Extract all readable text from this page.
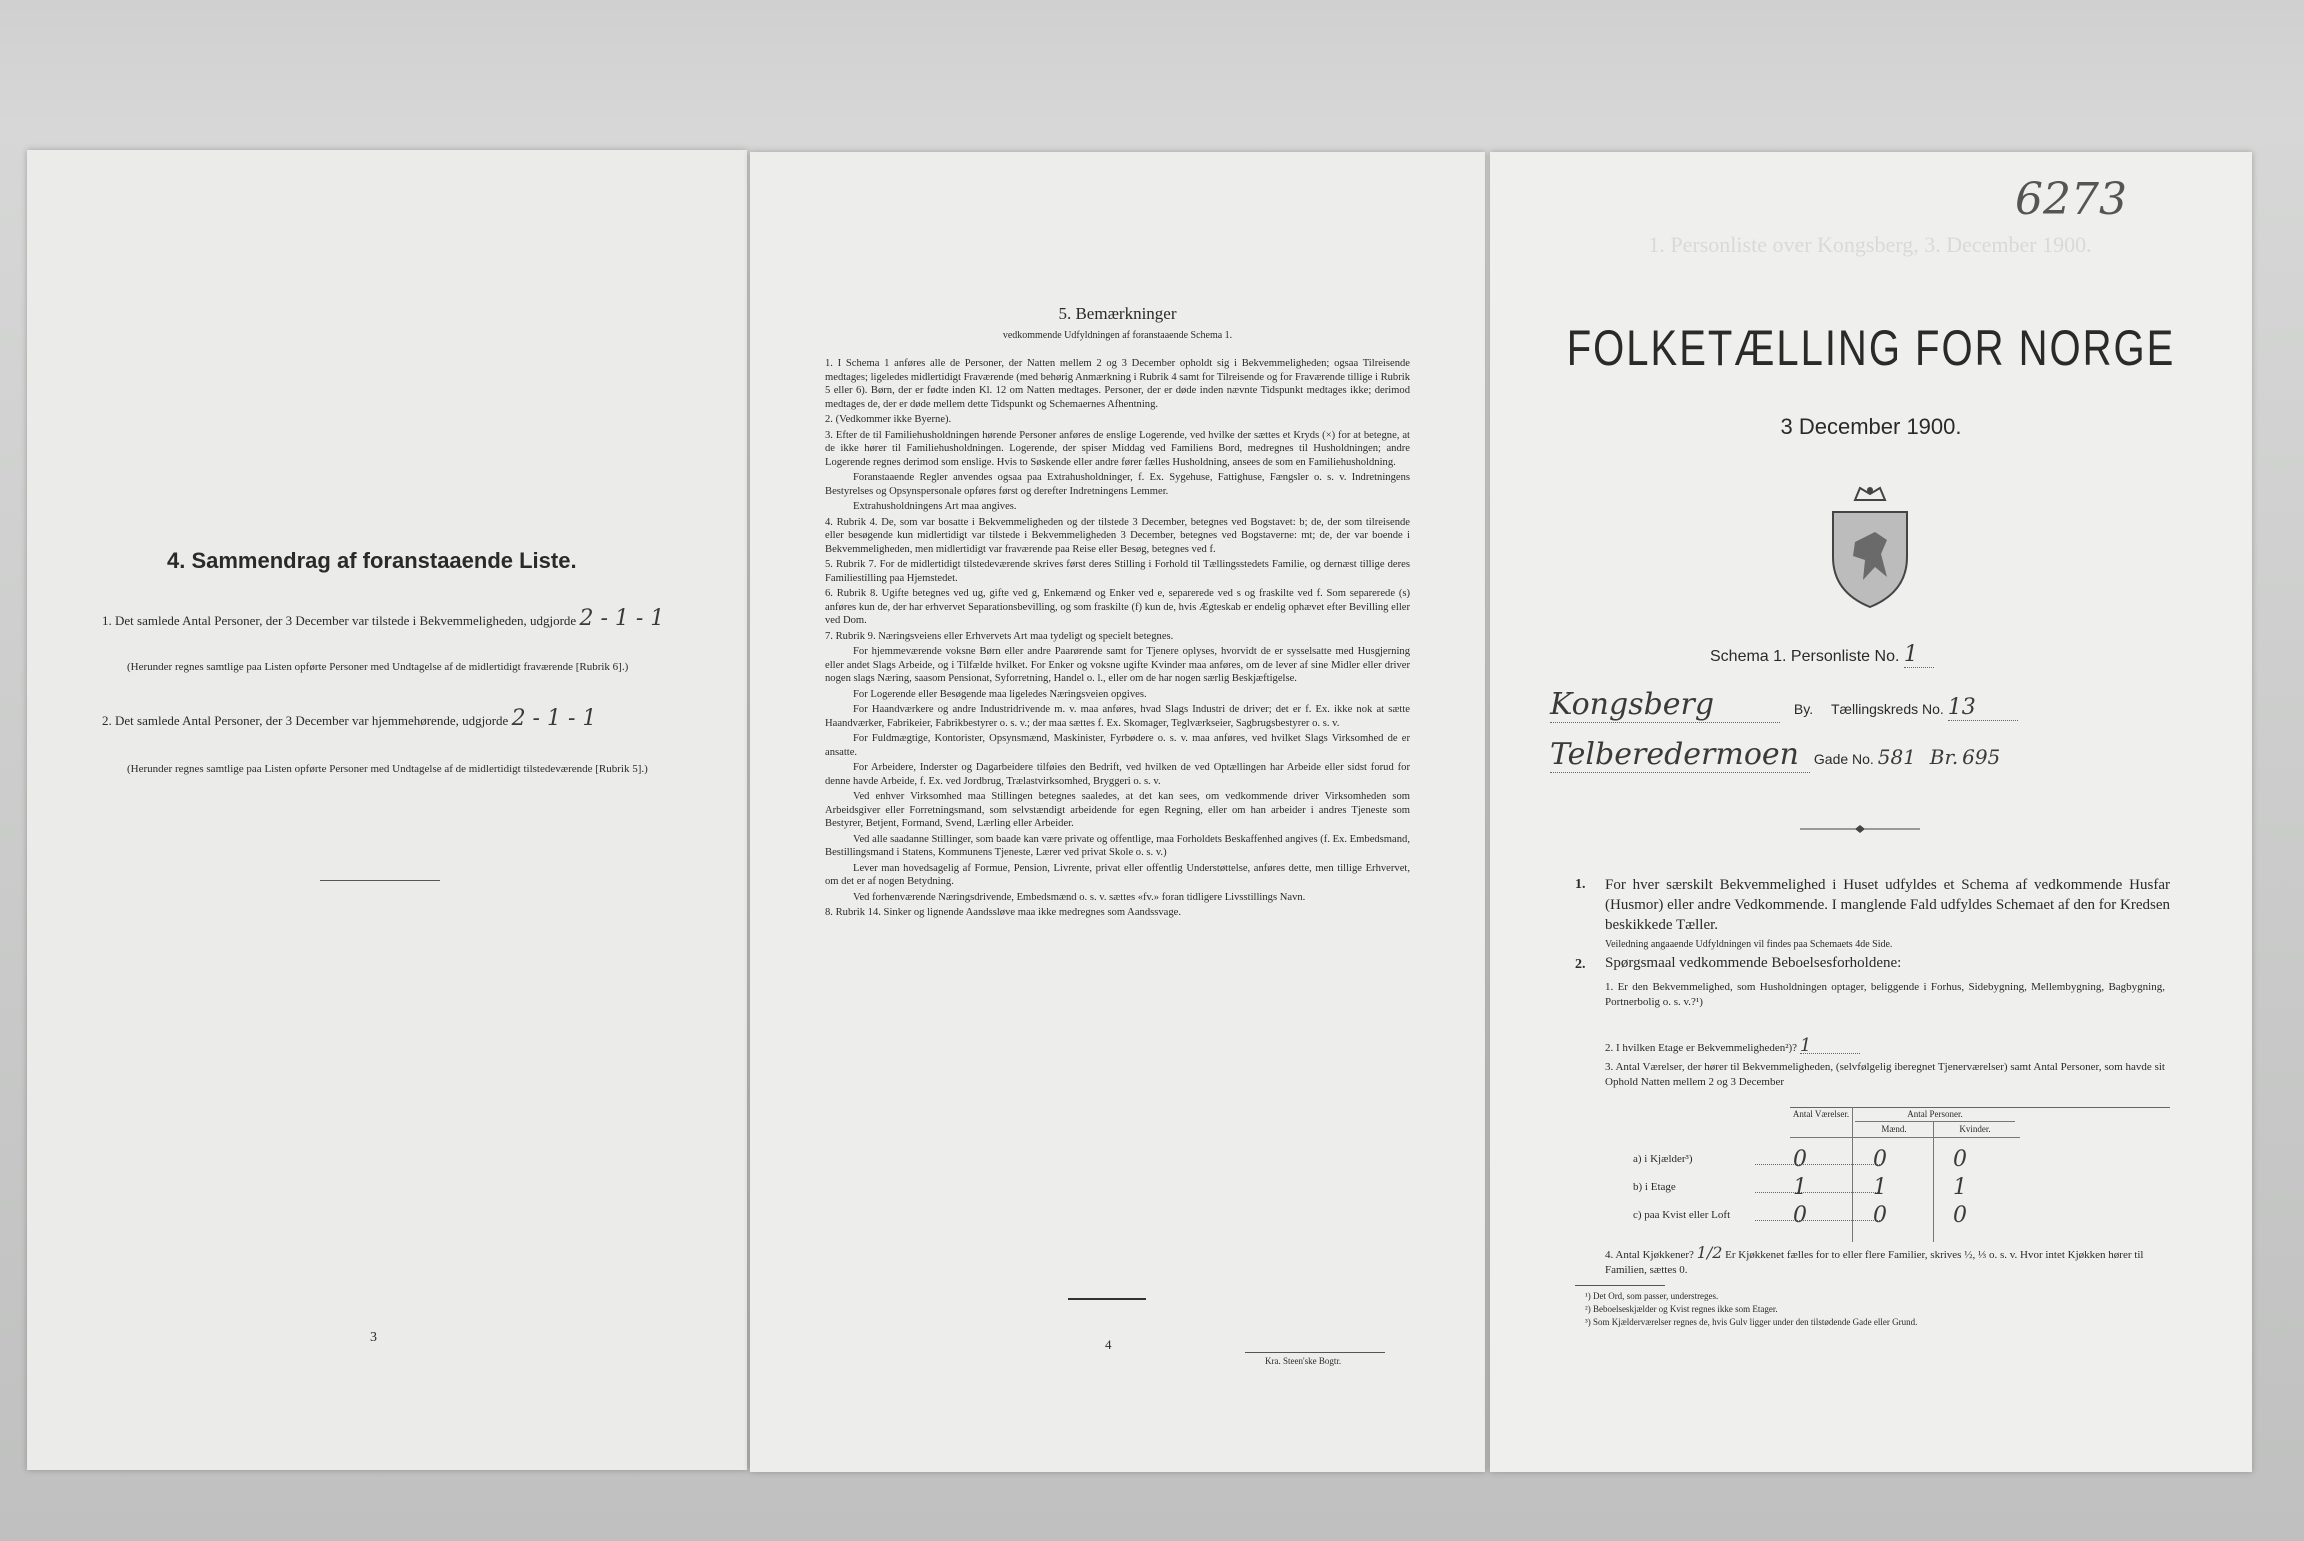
4. Sammendrag af foranstaaende Liste.
1. Det samlede Antal Personer, der 3 December var tilstede i Bekvemmeligheden, udgjorde 2 - 1 - 1
(Herunder regnes samtlige paa Listen opførte Personer med Undtagelse af de midlertidigt fraværende [Rubrik 6].)
2. Det samlede Antal Personer, der 3 December var hjemmehørende, udgjorde 2 - 1 - 1
(Herunder regnes samtlige paa Listen opførte Personer med Undtagelse af de midlertidigt tilstedeværende [Rubrik 5].)
3
5. Bemærkninger
vedkommende Udfyldningen af foranstaaende Schema 1.
1. I Schema 1 anføres alle de Personer, der Natten mellem 2 og 3 December opholdt sig i Bekvemmeligheden; ogsaa Tilreisende medtages; ligeledes midlertidigt Fraværende (med behørig Anmærkning i Rubrik 4 samt for Tilreisende og for Fraværende tillige i Rubrik 5 eller 6). Børn, der er fødte inden Kl. 12 om Natten medtages. Personer, der er døde inden nævnte Tidspunkt medtages ikke; derimod medtages de, der er døde mellem dette Tidspunkt og Schemaernes Afhentning.
2. (Vedkommer ikke Byerne).
3. Efter de til Familiehusholdningen hørende Personer anføres de enslige Logerende, ved hvilke der sættes et Kryds (×) for at betegne, at de ikke hører til Familiehusholdningen. Logerende, der spiser Middag ved Familiens Bord, medregnes til Husholdningen; andre Logerende regnes derimod som enslige. Hvis to Søskende eller andre fører fælles Husholdning, ansees de som en Familiehusholdning.
Foranstaaende Regler anvendes ogsaa paa Extrahusholdninger, f. Ex. Sygehuse, Fattighuse, Fængsler o. s. v. Indretningens Bestyrelses og Opsynspersonale opføres først og derefter Indretningens Lemmer.
Extrahusholdningens Art maa angives.
4. Rubrik 4. De, som var bosatte i Bekvemmeligheden og der tilstede 3 December, betegnes ved Bogstavet: b; de, der som tilreisende eller besøgende kun midlertidigt var tilstede i Bekvemmeligheden 3 December, betegnes ved Bogstaverne: mt; de, der var boende i Bekvemmeligheden, men midlertidigt var fraværende paa Reise eller Besøg, betegnes ved f.
5. Rubrik 7. For de midlertidigt tilstedeværende skrives først deres Stilling i Forhold til Tællingsstedets Familie, og dernæst tillige deres Familiestilling paa Hjemstedet.
6. Rubrik 8. Ugifte betegnes ved ug, gifte ved g, Enkemænd og Enker ved e, separerede ved s og fraskilte ved f. Som separerede (s) anføres kun de, der har erhvervet Separationsbevilling, og som fraskilte (f) kun de, hvis Ægteskab er endelig ophævet efter Bevilling eller ved Dom.
7. Rubrik 9. Næringsveiens eller Erhvervets Art maa tydeligt og specielt betegnes.
For hjemmeværende voksne Børn eller andre Paarørende samt for Tjenere oplyses, hvorvidt de er sysselsatte med Husgjerning eller andet Slags Arbeide, og i Tilfælde hvilket. For Enker og voksne ugifte Kvinder maa anføres, om de lever af sine Midler eller driver nogen slags Næring, saasom Pensionat, Syforretning, Handel o. l., eller om de har nogen særlig Beskjæftigelse.
For Logerende eller Besøgende maa ligeledes Næringsveien opgives.
For Haandværkere og andre Industridrivende m. v. maa anføres, hvad Slags Industri de driver; det er f. Ex. ikke nok at sætte Haandværker, Fabrikeier, Fabrikbestyrer o. s. v.; der maa sættes f. Ex. Skomager, Teglværkseier, Sagbrugsbestyrer o. s. v.
For Fuldmægtige, Kontorister, Opsynsmænd, Maskinister, Fyrbødere o. s. v. maa anføres, ved hvilket Slags Virksomhed de er ansatte.
For Arbeidere, Inderster og Dagarbeidere tilføies den Bedrift, ved hvilken de ved Optællingen har Arbeide eller sidst forud for denne havde Arbeide, f. Ex. ved Jordbrug, Trælastvirksomhed, Bryggeri o. s. v.
Ved enhver Virksomhed maa Stillingen betegnes saaledes, at det kan sees, om vedkommende driver Virksomheden som Arbeidsgiver eller Forretningsmand, som selvstændigt arbeidende for egen Regning, eller om han arbeider i andres Tjeneste som Bestyrer, Betjent, Formand, Svend, Lærling eller Arbeider.
Ved alle saadanne Stillinger, som baade kan være private og offentlige, maa Forholdets Beskaffenhed angives (f. Ex. Embedsmand, Bestillingsmand i Statens, Kommunens Tjeneste, Lærer ved privat Skole o. s. v.)
Lever man hovedsagelig af Formue, Pension, Livrente, privat eller offentlig Understøttelse, anføres dette, men tillige Erhvervet, om det er af nogen Betydning.
Ved forhenværende Næringsdrivende, Embedsmænd o. s. v. sættes «fv.» foran tidligere Livsstillings Navn.
8. Rubrik 14. Sinker og lignende Aandssløve maa ikke medregnes som Aandssvage.
4
Kra. Steen'ske Bogtr.
1. Personliste over Kongsberg, 3. December 1900.
6273
FOLKETÆLLING FOR NORGE
3 December 1900.
Schema 1. Personliste No. 1
Kongsberg	By. Tællingskreds No. 13
Telberedermoen Gade No. 581 Br. 695
1. For hver særskilt Bekvemmelighed i Huset udfyldes et Schema af vedkommende Husfar (Husmor) eller andre Vedkommende. I manglende Fald udfyldes Schemaet af den for Kredsen beskikkede Tæller.
Veiledning angaaende Udfyldningen vil findes paa Schemaets 4de Side.
2. Spørgsmaal vedkommende Beboelsesforholdene:
1. Er den Bekvemmelighed, som Husholdningen optager, beliggende i Forhus, Sidebygning, Mellembygning, Bagbygning, Portnerbolig o. s. v.?¹)
2. I hvilken Etage er Bekvemmeligheden²)? 1
3. Antal Værelser, der hører til Bekvemmeligheden, (selvfølgelig iberegnet Tjenerværelser) samt Antal Personer, som havde sit Ophold Natten mellem 2 og 3 December
Antal Værelser.	Antal Personer.
Mænd.	Kvinder.
a) i Kjælder³)	0	0	0
b) i Etage	1	1	1
c) paa Kvist eller Loft	0	0	0
4. Antal Kjøkkener? 1/2 Er Kjøkkenet fælles for to eller flere Familier, skrives ½, ⅓ o. s. v. Hvor intet Kjøkken hører til Familien, sættes 0.
¹) Det Ord, som passer, understreges.
²) Beboelseskjælder og Kvist regnes ikke som Etager.
³) Som Kjælderværelser regnes de, hvis Gulv ligger under den tilstødende Gade eller Grund.
